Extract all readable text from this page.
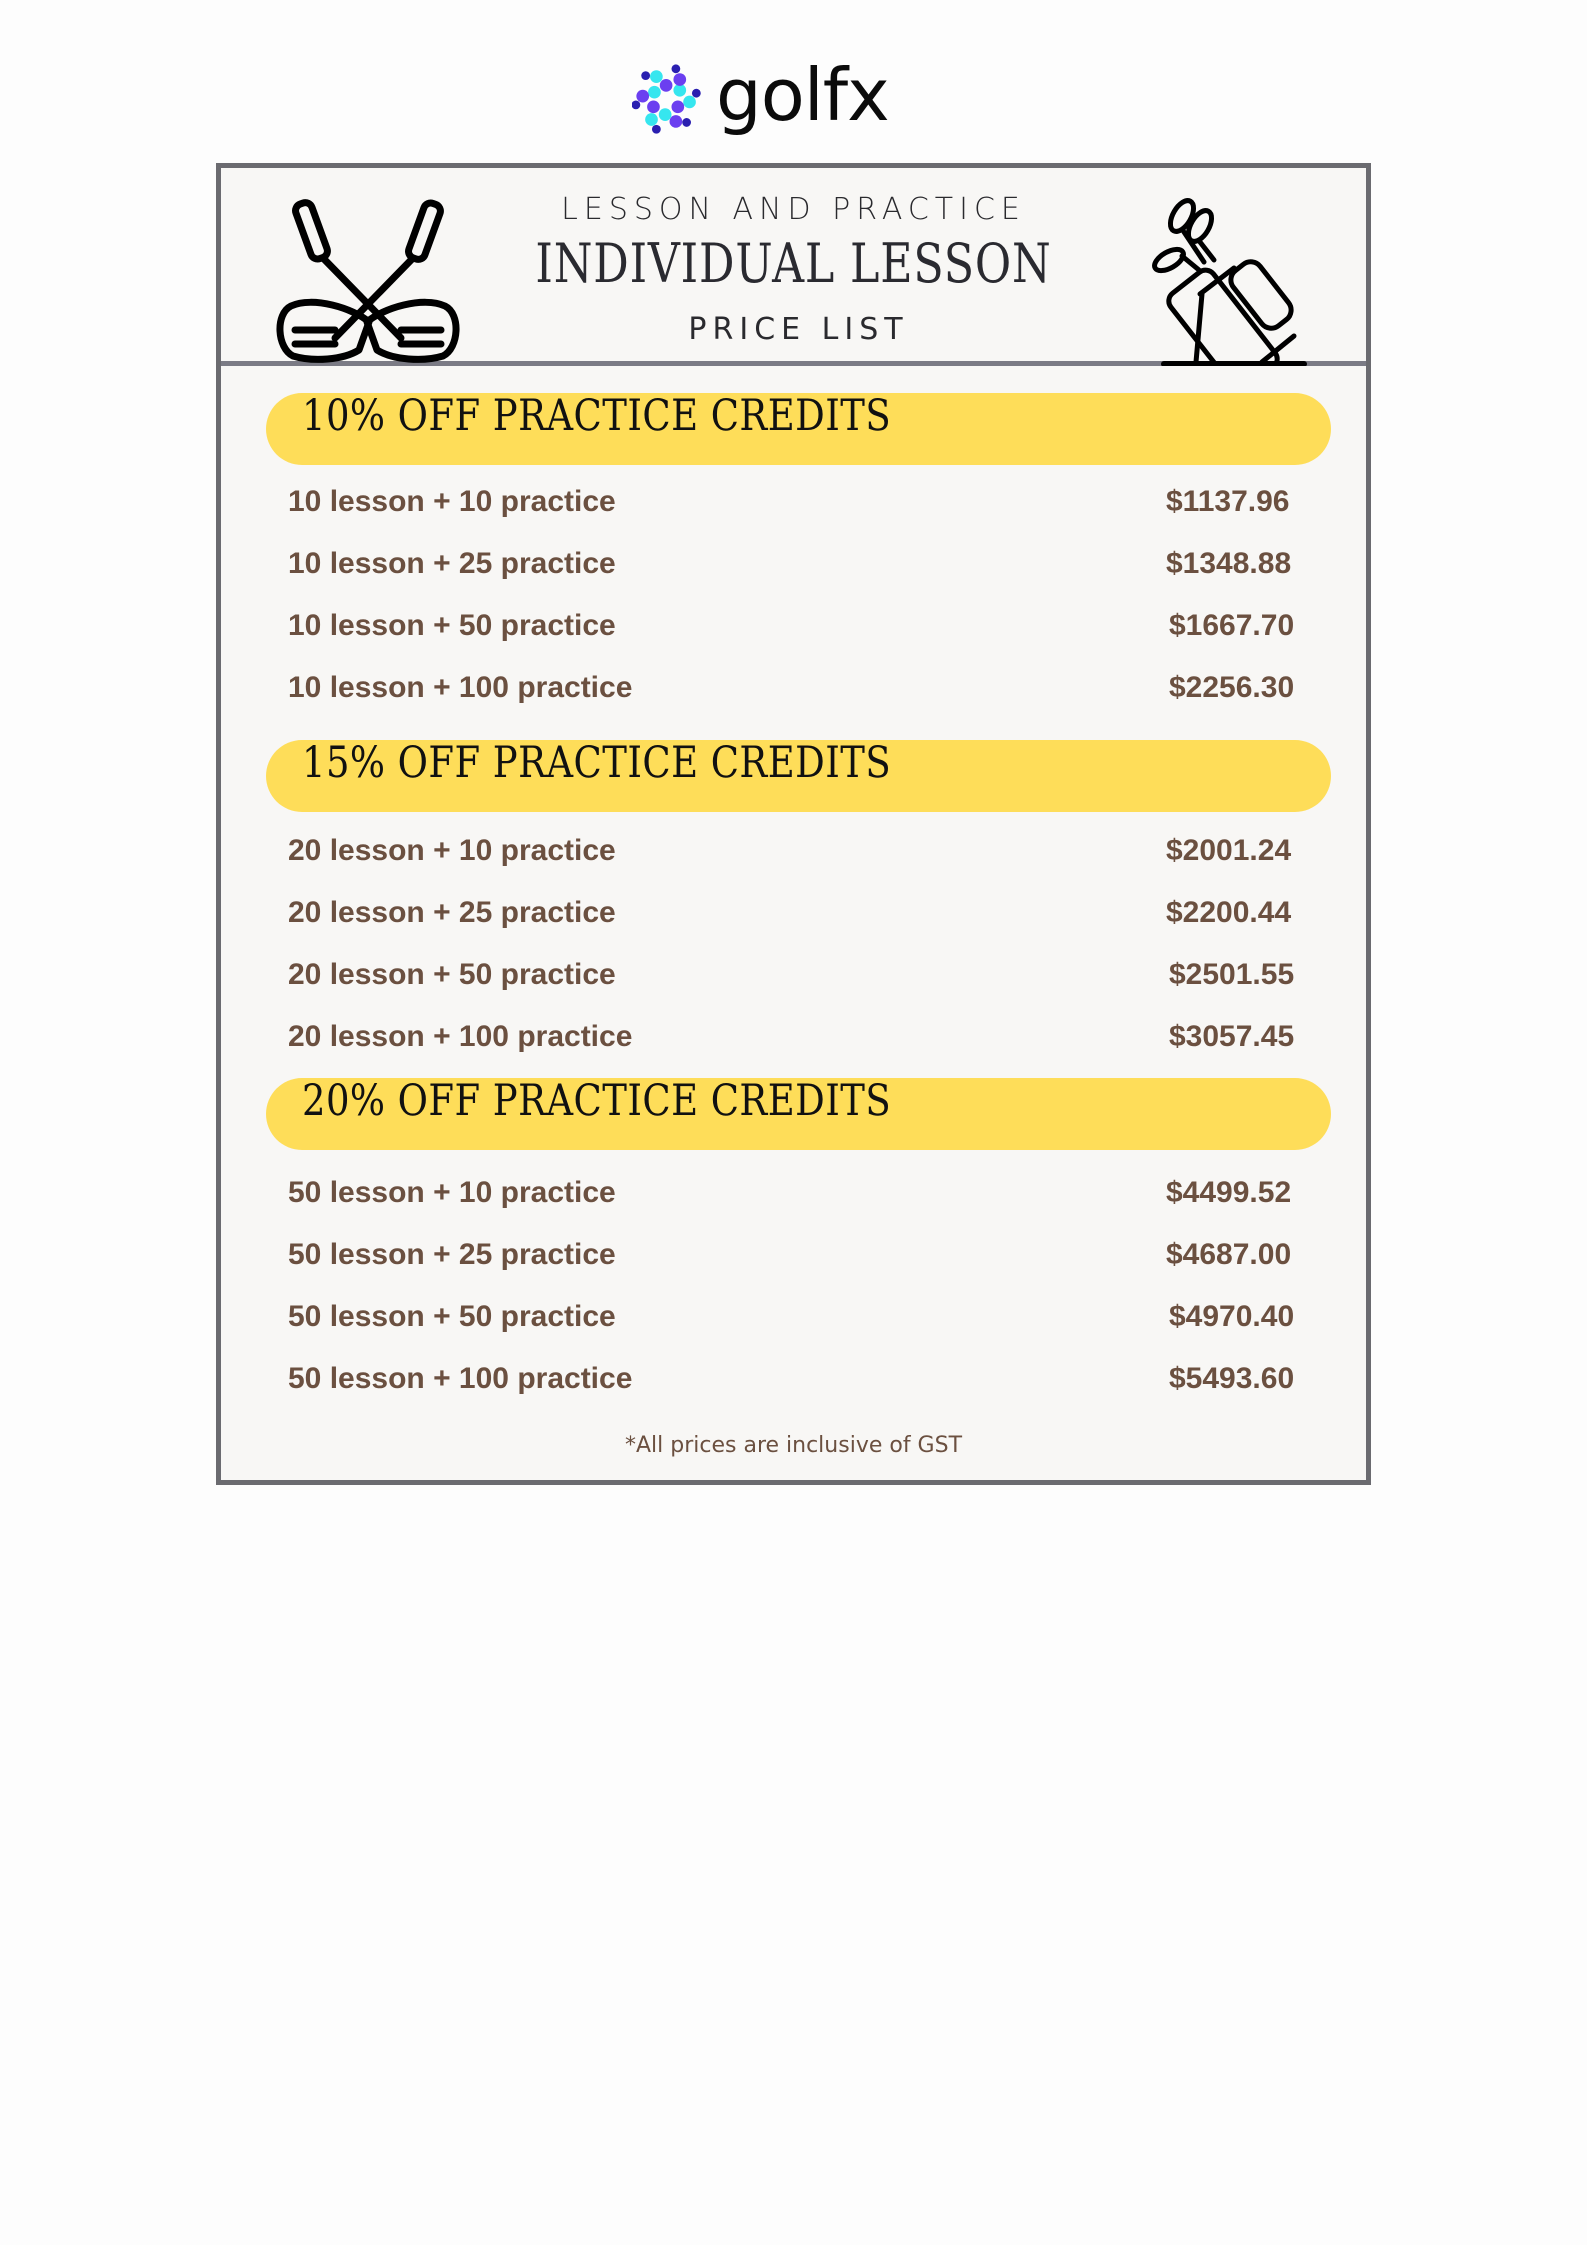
golfx
LESSON AND PRACTICE
INDIVIDUAL LESSON
PRICE LIST
10% OFF PRACTICE CREDITS
10 lesson + 10 practice	$1137.96
10 lesson + 25 practice	$1348.88
10 lesson + 50 practice	$1667.70
10 lesson + 100 practice	$2256.30
15% OFF PRACTICE CREDITS
20 lesson + 10 practice	$2001.24
20 lesson + 25 practice	$2200.44
20 lesson + 50 practice	$2501.55
20 lesson + 100 practice	$3057.45
20% OFF PRACTICE CREDITS
50 lesson + 10 practice	$4499.52
50 lesson + 25 practice	$4687.00
50 lesson + 50 practice	$4970.40
50 lesson + 100 practice	$5493.60
*All prices are inclusive of GST
